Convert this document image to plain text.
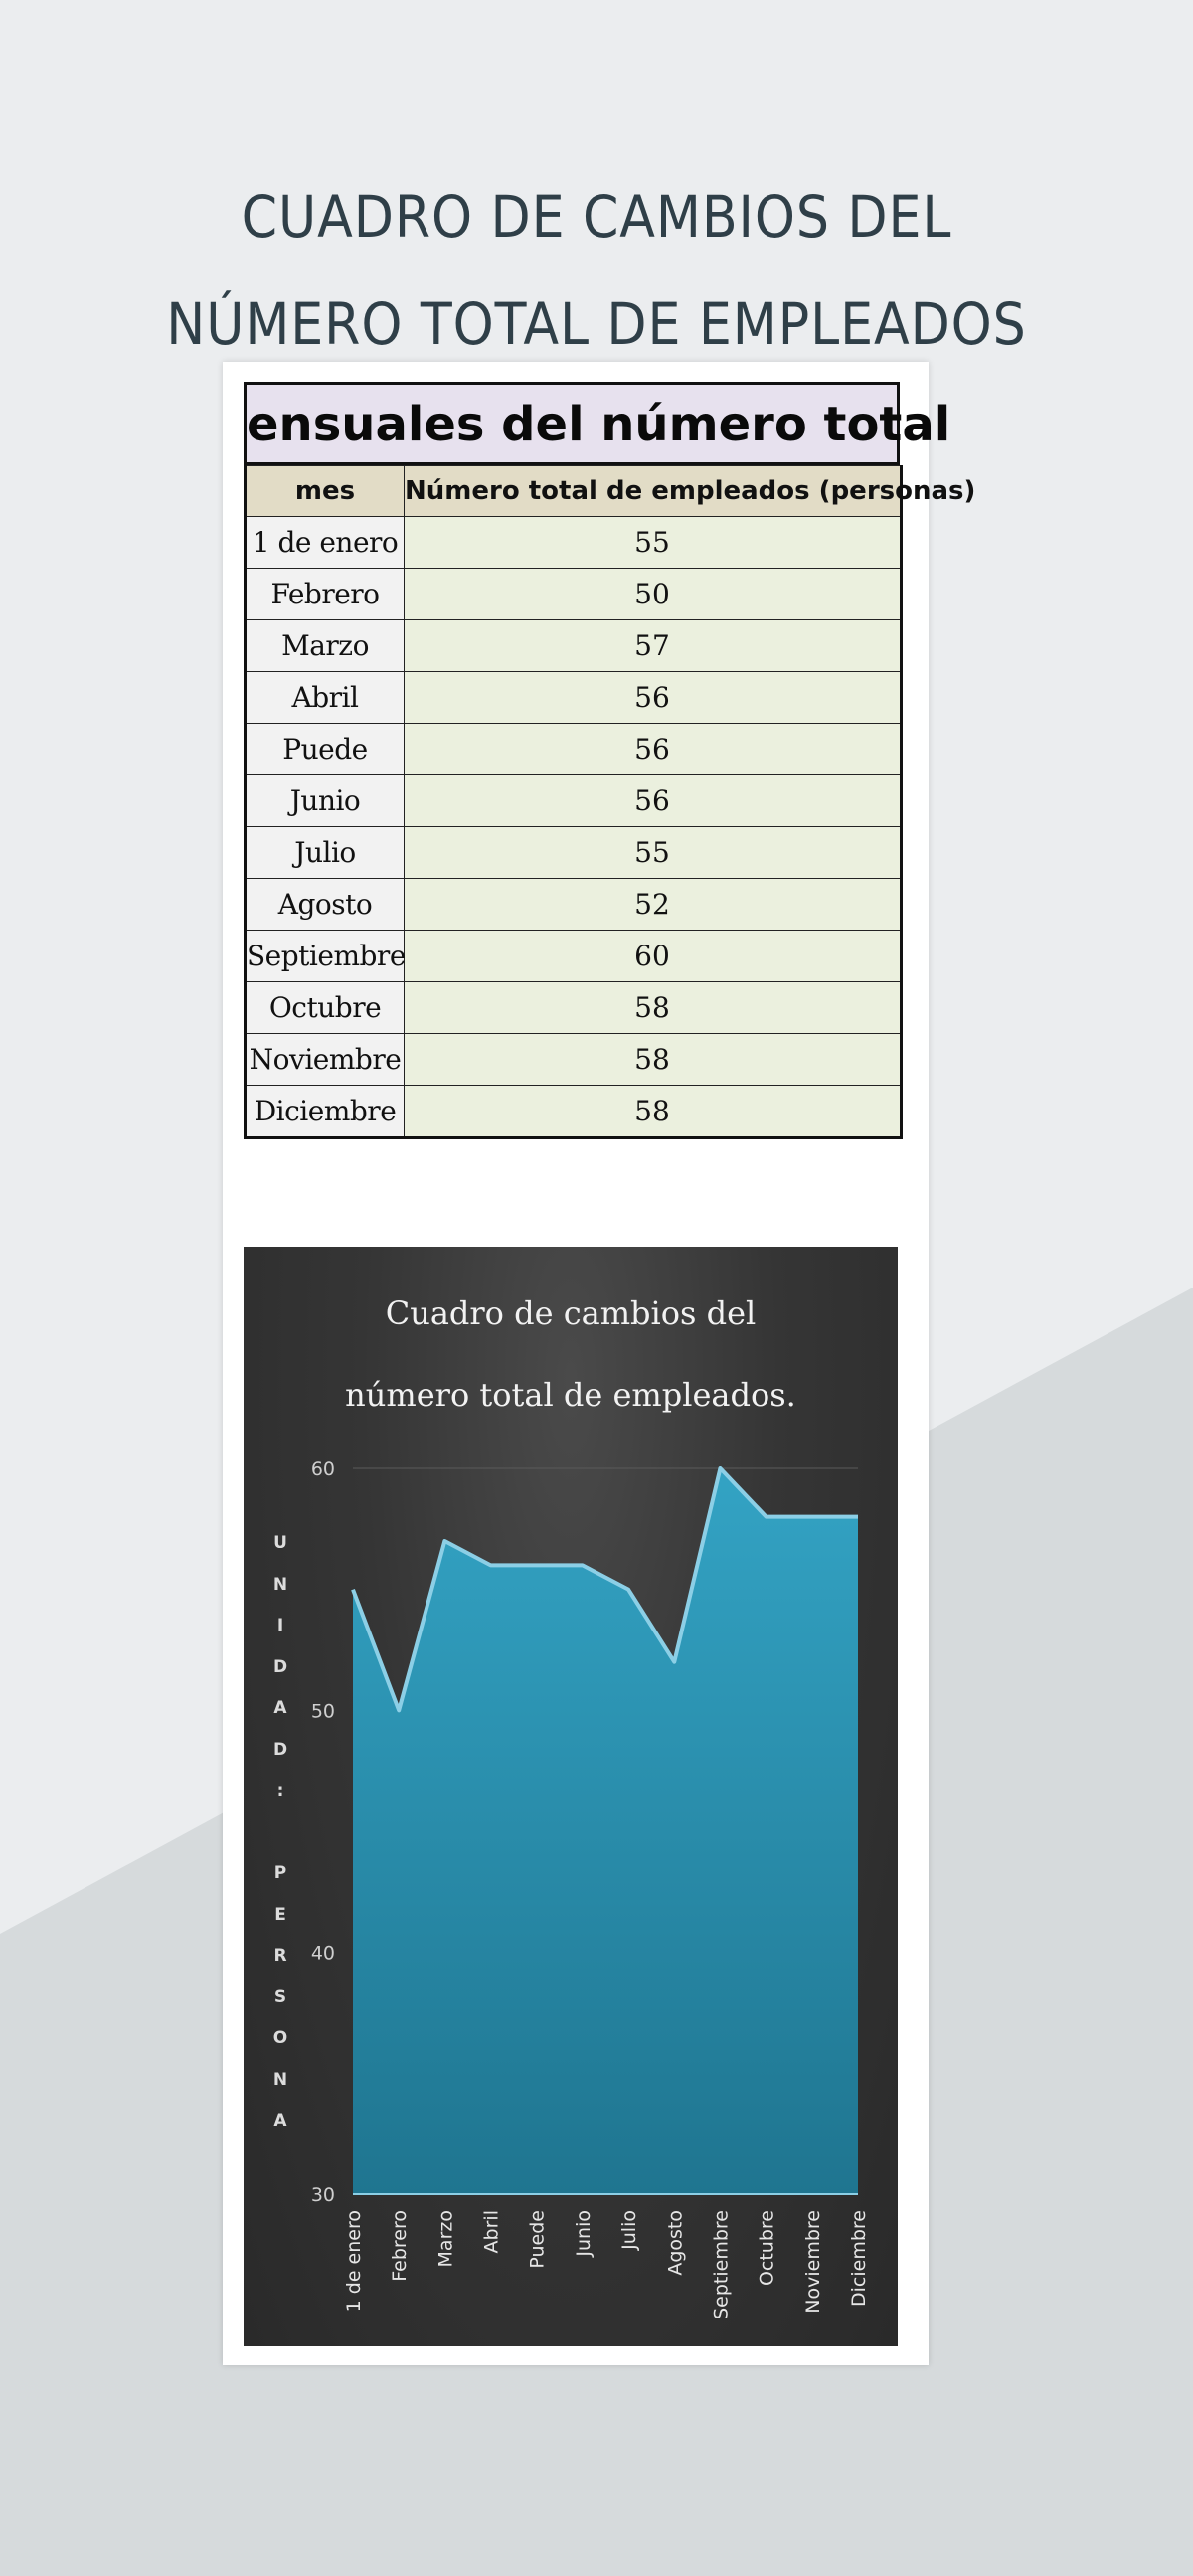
CUADRO DE CAMBIOS DEL
NÚMERO TOTAL DE EMPLEADOS
ensuales del número total
mes	Número total de empleados (personas)
1 de enero	55
Febrero	50
Marzo	57
Abril	56
Puede	56
Junio	56
Julio	55
Agosto	52
Septiembre	60
Octubre	58
Noviembre	58
Diciembre	58
30
40
50
60
1 de enero Febrero Marzo Abril Puede Junio Julio Agosto Septiembre Octubre Noviembre Diciembre
Cuadro de cambios del
número total de empleados.
U
N
I
D
A
D
:

P
E
R
S
O
N
A
